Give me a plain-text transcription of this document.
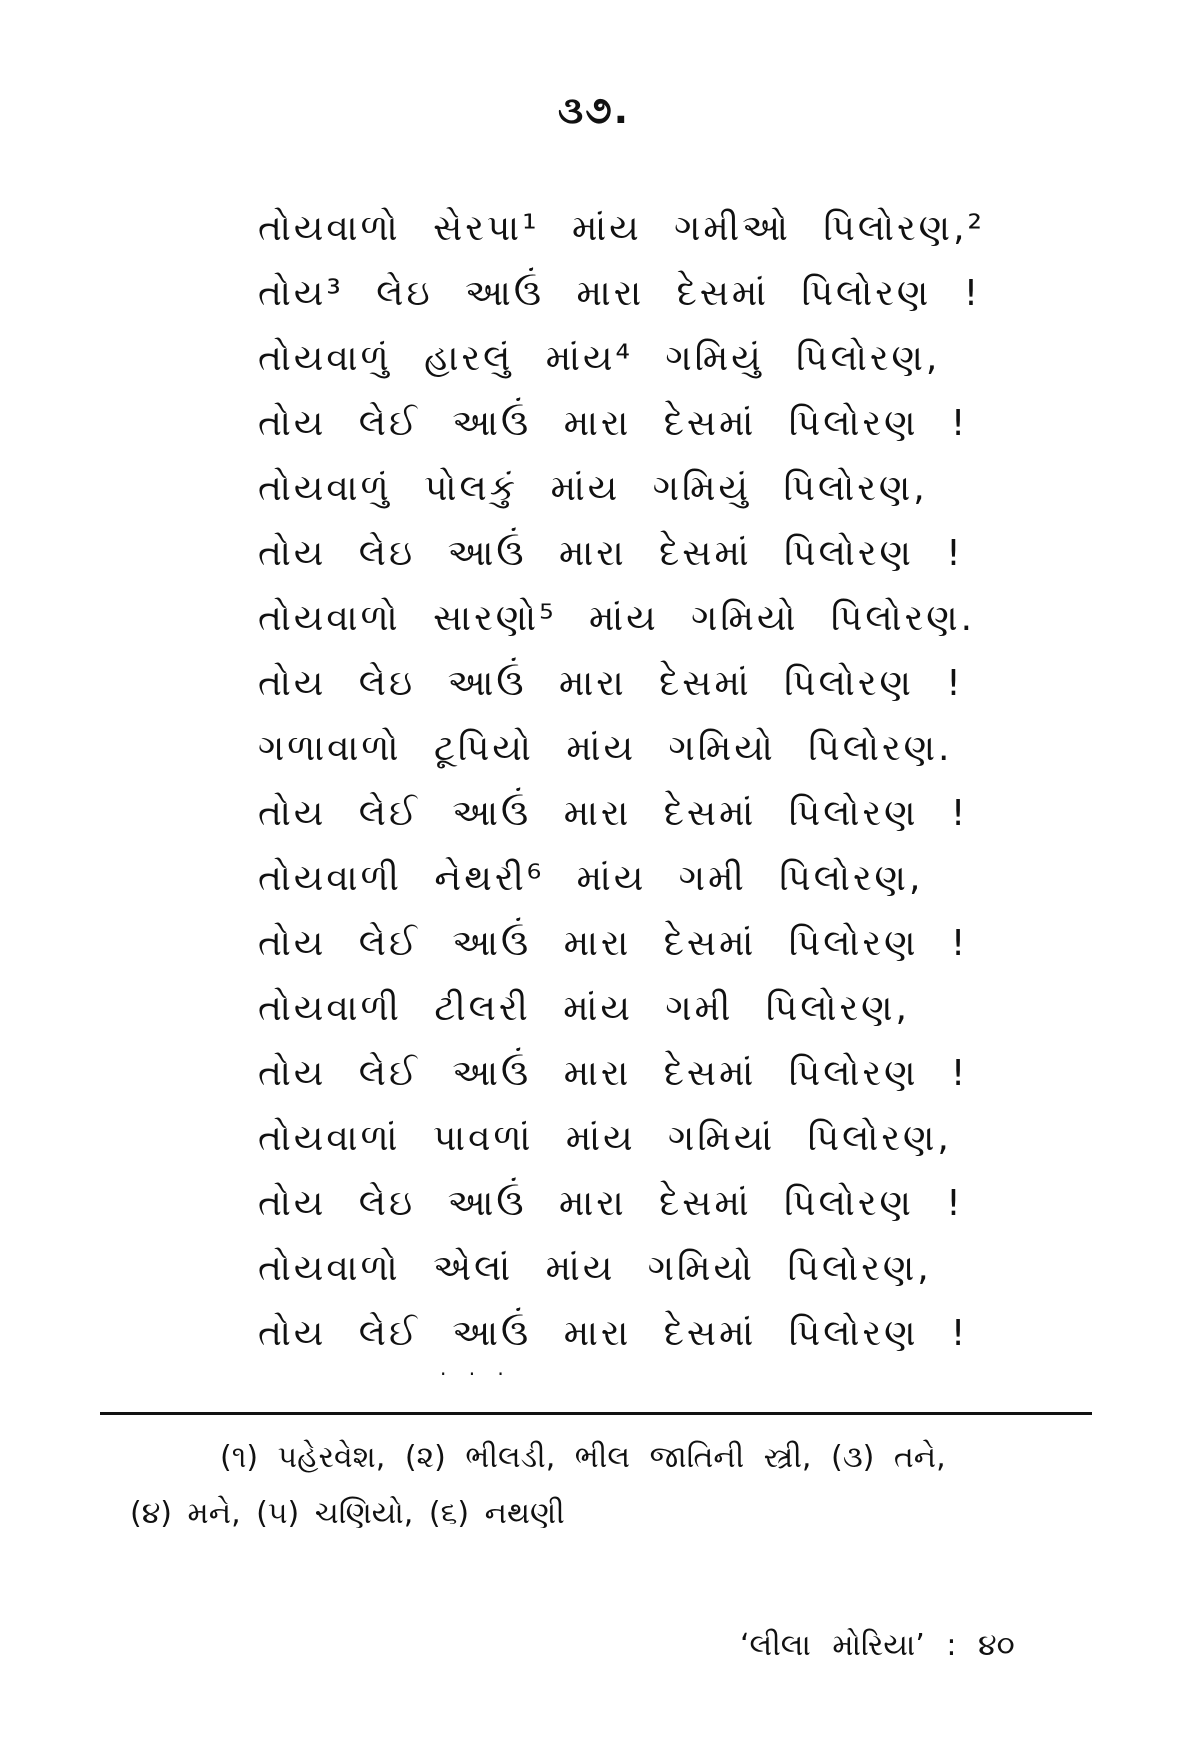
૩૭.
તોયવાળો સેરપા¹ માંય ગમીઓ પિલોરણ,²
તોય³ લેઇ આઉં મારા દેસમાં પિલોરણ !
તોયવાળું હારલું માંય⁴ ગમિયું પિલોરણ,
તોય લેઈ આઉં મારા દેસમાં પિલોરણ !
તોયવાળું પોલકું માંય ગમિયું પિલોરણ,
તોય લેઇ આઉં મારા દેસમાં પિલોરણ !
તોયવાળો સારણો⁵ માંય ગમિયો પિલોરણ.
તોય લેઇ આઉં મારા દેસમાં પિલોરણ !
ગળાવાળો ટૂપિયો માંય ગમિયો પિલોરણ.
તોય લેઈ આઉં મારા દેસમાં પિલોરણ !
તોયવાળી નેથરી⁶ માંય ગમી પિલોરણ,
તોય લેઈ આઉં મારા દેસમાં પિલોરણ !
તોયવાળી ટીલરી માંય ગમી પિલોરણ,
તોય લેઈ આઉં મારા દેસમાં પિલોરણ !
તોયવાળાં પાવળાં માંય ગમિયાં પિલોરણ,
તોય લેઇ આઉં મારા દેસમાં પિલોરણ !
તોયવાળો એલાં માંય ગમિયો પિલોરણ,
તોય લેઈ આઉં મારા દેસમાં પિલોરણ !
· · ·
(૧) પહેરવેશ, (૨) ભીલડી, ભીલ જાતિની સ્ત્રી, (૩) તને,
(૪) મને, (૫) ચણિયો, (૬) નથણી
‘લીલા મોરિયા’ : ૪૦
